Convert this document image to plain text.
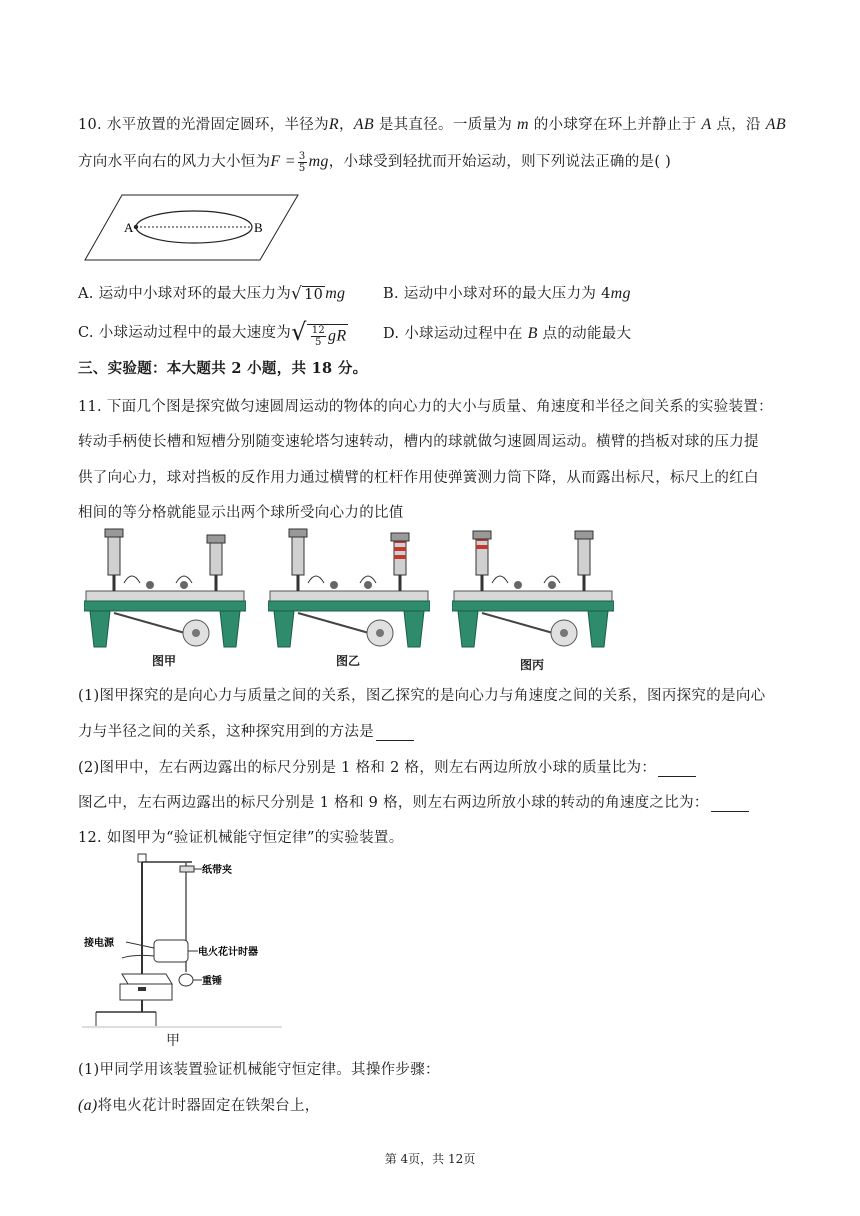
10. 水平放置的光滑固定圆环，半径为R，AB 是其直径。一质量为 m 的小球穿在环上并静止于 A 点，沿 AB
方向水平向右的风力大小恒为$F = \frac{3}{5}$ mg，小球受到轻扰而开始运动，则下列说法正确的是( )
A	B
A. 运动中小球对环的最大压力为√ 10 mg	B. 运动中小球对环的最大压力为 4mg
C. 小球运动过程中的最大速度为√ $\frac{12}{5}$ gR	D. 小球运动过程中在 B 点的动能最大
三、实验题：本大题共 2 小题，共 18 分。
11. 下面几个图是探究做匀速圆周运动的物体的向心力的大小与质量、角速度和半径之间关系的实验装置：
转动手柄使长槽和短槽分别随变速轮塔匀速转动，槽内的球就做匀速圆周运动。横臂的挡板对球的压力提
供了向心力，球对挡板的反作用力通过横臂的杠杆作用使弹簧测力筒下降，从而露出标尺，标尺上的红白
相间的等分格就能显示出两个球所受向心力的比值
图甲	图乙	图丙
(1)图甲探究的是向心力与质量之间的关系，图乙探究的是向心力与角速度之间的关系，图丙探究的是向心
力与半径之间的关系，这种探究用到的方法是
(2)图甲中，左右两边露出的标尺分别是 1 格和 2 格，则左右两边所放小球的质量比为：
图乙中，左右两边露出的标尺分别是 1 格和 9 格，则左右两边所放小球的转动的角速度之比为：
12. 如图甲为“验证机械能守恒定律”的实验装置。
纸带夹
电火花计时器
接电源
重锤
甲
(1)甲同学用该装置验证机械能守恒定律。其操作步骤：
(a)将电火花计时器固定在铁架台上，
第 4页，共 12页
